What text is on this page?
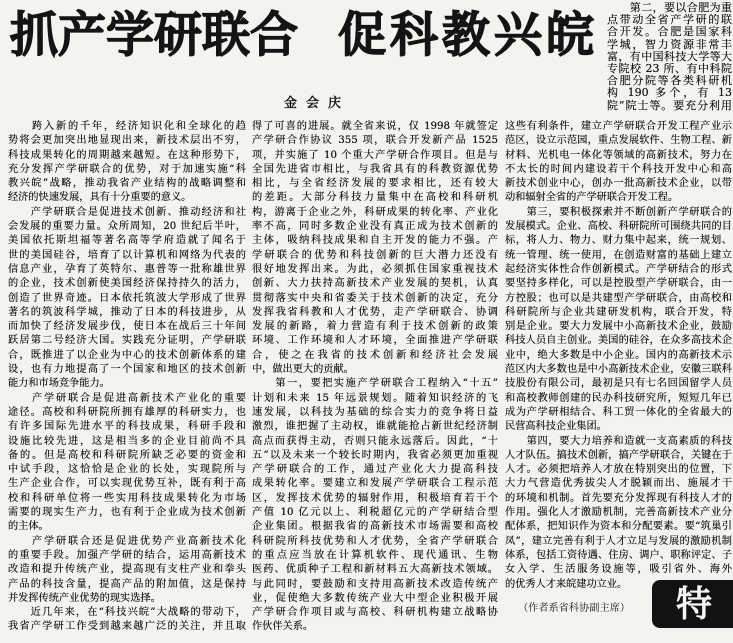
抓产学研联合 促科教兴皖
金会庆
　　第二，要以合肥为重
点带动全省产学研的联
合开发。合肥是国家科
学城，智力资源非常丰
富，有中国科技大学等大
专院校 23 所、有中科院
合肥分院等各类科研机
构 190 多个，有 13
院”院士等。要充分利用
　　跨入新的千年，经济知识化和全球化的趋
势将会更加突出地显现出来，新技术层出不穷，
科技成果转化的周期越来越短。在这种形势下，
充分发挥产学研联合的优势，对于加速实施“科
教兴皖”战略，推动我省产业结构的战略调整和
经济的快速发展，具有十分重要的意义。
　　产学研联合是促进技术创新、推动经济和社
会发展的重要力量。众所周知，20 世纪后半叶，
美国依托斯坦福等著名高等学府造就了闻名于
世的美国硅谷，培育了以计算机和网络为代表的
信息产业，孕育了英特尔、惠普等一批称雄世界
的企业，技术创新使美国经济保持持久的活力，
创造了世界奇迹。日本依托筑波大学形成了世界
著名的筑波科学城，推动了日本的科技进步，从
而加快了经济发展步伐，使日本在战后三十年间
跃居第二号经济大国。实践充分证明，产学研联
合，既推进了以企业为中心的技术创新体系的建
设，也有力地提高了一个国家和地区的技术创新
能力和市场竞争能力。
　　产学研联合是促进高新技术产业化的重要
途径。高校和科研院所拥有雄厚的科研实力，也
有许多国际先进水平的科技成果，科研手段和
设施比较先进，这是相当多的企业目前尚不具
备的。但是高校和科研院所缺乏必要的资金和
中试手段，这恰恰是企业的长处，实现院所与
生产企业合作，可以实现优势互补，既有利于高
校和科研单位将一些实用科技成果转化为市场
需要的现实生产力，也有利于企业成为技术创新
的主体。
　　产学研联合还是促进优势产业高新技术化
的重要手段。加强产学研的结合，运用高新技术
改造和提升传统产业，提高现有支柱产业和拳头
产品的科技含量，提高产品的附加值，这是保持
并发挥传统产业优势的现实选择。
　　近几年来，在“科技兴皖”大战略的带动下，
我省产学研工作受到越来越广泛的关注，并且取
得了可喜的进展。就全省来说，仅 1998 年就签定
产学研合作协议 355 项，联合开发新产品 1525
项，并实施了 10 个重大产学研合作项目。但是与
全国先进省市相比，与我省具有的科教资源优势
相比，与全省经济发展的要求相比，还有较大
的差距。大部分科技力量集中在高校和科研机
构，游离于企业之外，科研成果的转化率、产业化
率不高，同时多数企业没有真正成为技术创新的
主体，吸纳科技成果和自主开发的能力不强。产
学研联合的优势和科技创新的巨大潜力还没有
很好地发挥出来。为此，必须抓住国家重视技术
创新、大力扶持高新技术产业发展的契机，认真
贯彻落实中央和省委关于技术创新的决定，充分
发挥我省科教和人才优势，走产学研联合、协调
发展的新路，着力营造有利于技术创新的政策
环境、工作环境和人才环境，全面推进产学研联
合，使之在我省的技术创新和经济社会发展
中，做出更大的贡献。
　　第一，要把实施产学研联合工程纳入“十五”
计划和未来 15 年远景规划。随着知识经济的飞
速发展，以科技为基础的综合实力的竞争将日益
激烈，谁把握了主动权，谁就能抢占新世纪经济制
高点而获得主动，否则只能永远落后。因此，“十
五”以及未来一个较长时期内，我省必须更加重视
产学研联合的工作，通过产业化大力提高科技
成果转化率。要建立和发展产学研联合工程示范
区，发挥技术优势的辐射作用，积极培育若干个
产值 10 亿元以上、利税超亿元的产学研结合型
企业集团。根据我省的高新技术市场需要和高校
科研院所科技优势和人才优势，全省产学研联合
的重点应当放在计算机软件、现代通讯、生物
医药、优质种子工程和新材料五大高新技术领域。
与此同时，要鼓励和支持用高新技术改造传统产
业，促使绝大多数传统产业大中型企业积极开展
产学研合作项目或与高校、科研机构建立战略协
作伙伴关系。
这些有利条件，建立产学研联合开发工程产业示
范区，设立示范园，重点发展软件、生物工程、新
材料、光机电一体化等领域的高新技术，努力在
不太长的时间内建设若干个科技开发中心和高
新技术创业中心，创办一批高新技术企业，以带
动和辐射全省的产学研联合开发工程。
　　第三，要积极探索并不断创新产学研联合的
发展模式。企业、高校、科研院所可围绕共同的目
标，将人力、物力、财力集中起来，统一规划、
统一管理、统一使用，在创造财富的基础上建立
起经济实体性合作创新模式。产学研结合的形式
要坚持多样化，可以是控股型产学研联合，由一
方控股；也可以是共建型产学研联合，由高校和
科研院所与企业共建研发机构，联合开发，特
别是企业。要大力发展中小高新技术企业，鼓励
科技人员自主创业。美国的硅谷，在众多高技术企
业中，绝大多数是中小企业。国内的高新技术示
范区内大多数也是中小高新技术企业，安徽三联科
技股份有限公司，最初是只有七名回国留学人员
和高校教师创建的民办科技研究所，短短几年已
成为产学研相结合、科工贸一体化的全省最大的
民营高科技企业集团。
　　第四，要大力培养和造就一支高素质的科技
人才队伍。搞技术创新，搞产学研联合，关键在于
人才。必须把培养人才放在特别突出的位置，下
大力气营造优秀拔尖人才脱颖而出、施展才干
的环境和机制。首先要充分发挥现有科技人才的
作用。强化人才激励机制，完善高新技术产业分
配体系，把知识作为资本和分配要素。要“筑巢引
凤”，建立完善有利于人才立足与发展的激励机制
体系，包括工资待遇、住房、调户、职称评定、子
女入学、生活服务设施等，吸引省外、海外
的优秀人才来皖建功立业。
（作者系省科协副主席） 特
